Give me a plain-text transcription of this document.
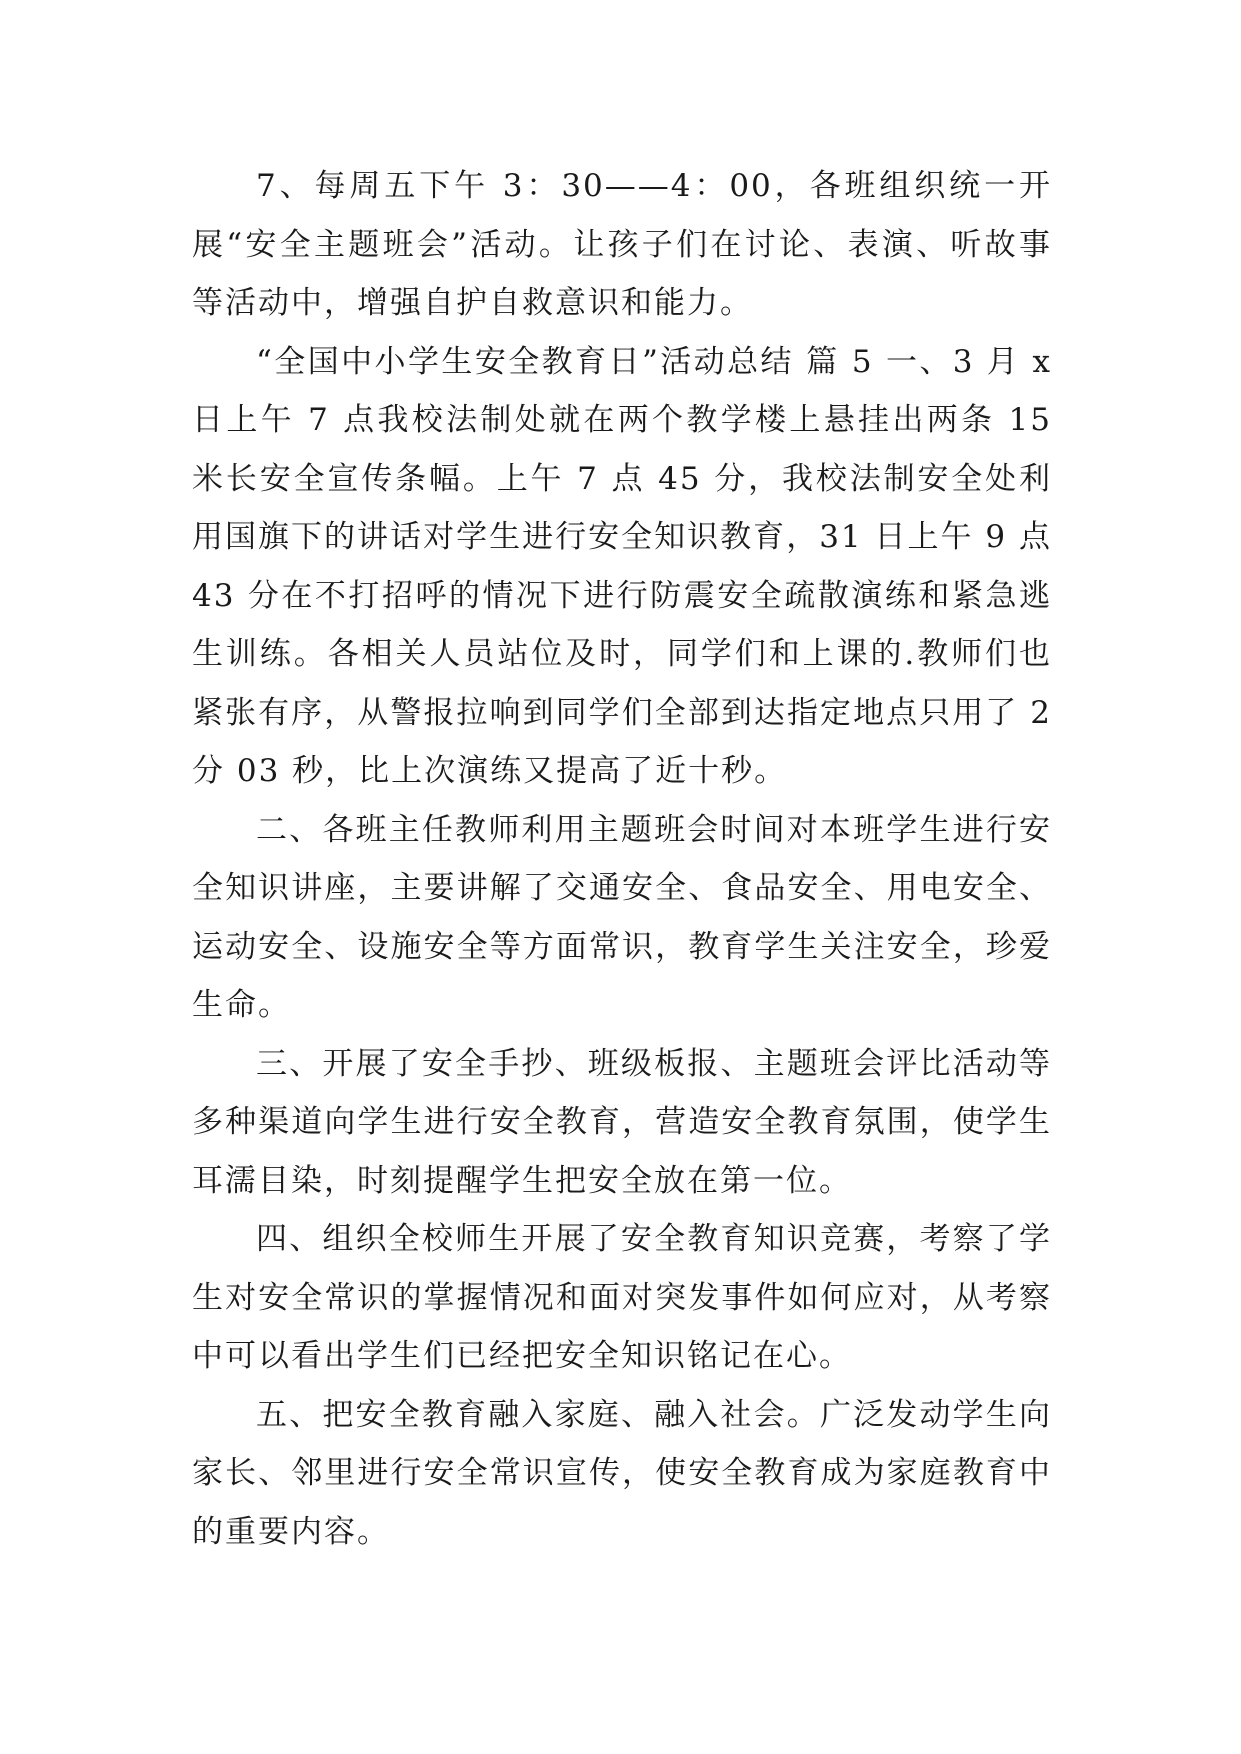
7、每周五下午 3：30——4：00，各班组织统一开展“安全主题班会”活动。让孩子们在讨论、表演、听故事等活动中，增强自护自救意识和能力。

“全国中小学生安全教育日”活动总结 篇 5 一、3 月 x 日上午 7 点我校法制处就在两个教学楼上悬挂出两条 15 米长安全宣传条幅。上午 7 点 45 分，我校法制安全处利用国旗下的讲话对学生进行安全知识教育，31 日上午 9 点 43 分在不打招呼的情况下进行防震安全疏散演练和紧急逃生训练。各相关人员站位及时，同学们和上课的.教师们也紧张有序，从警报拉响到同学们全部到达指定地点只用了 2 分 03 秒，比上次演练又提高了近十秒。

二、各班主任教师利用主题班会时间对本班学生进行安全知识讲座，主要讲解了交通安全、食品安全、用电安全、运动安全、设施安全等方面常识，教育学生关注安全，珍爱生命。

三、开展了安全手抄、班级板报、主题班会评比活动等多种渠道向学生进行安全教育，营造安全教育氛围，使学生耳濡目染，时刻提醒学生把安全放在第一位。

四、组织全校师生开展了安全教育知识竞赛，考察了学生对安全常识的掌握情况和面对突发事件如何应对，从考察中可以看出学生们已经把安全知识铭记在心。

五、把安全教育融入家庭、融入社会。广泛发动学生向家长、邻里进行安全常识宣传，使安全教育成为家庭教育中的重要内容。
